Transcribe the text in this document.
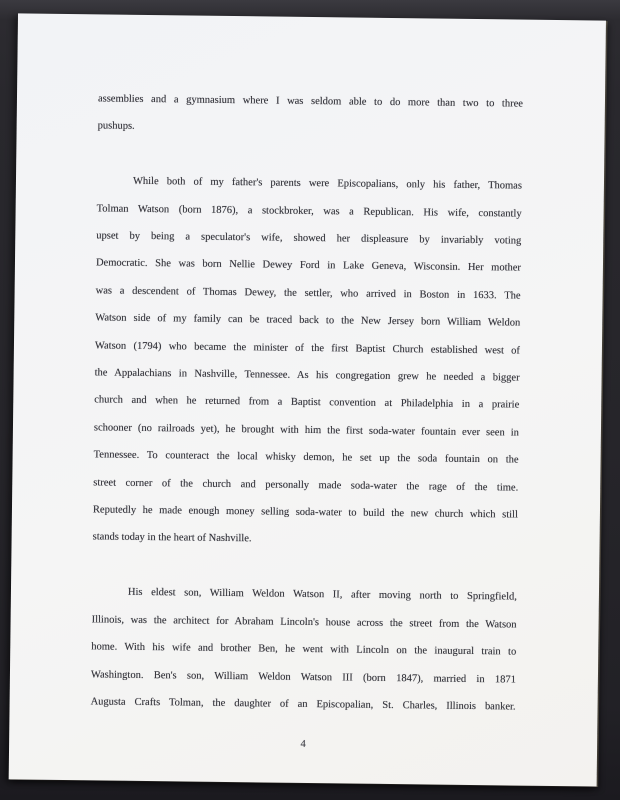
assemblies and a gymnasium where I was seldom able to do more than two to three
pushups.
While both of my father's parents were Episcopalians, only his father, Thomas
Tolman Watson (born 1876), a stockbroker, was a Republican. His wife, constantly
upset by being a speculator's wife, showed her displeasure by invariably voting
Democratic. She was born Nellie Dewey Ford in Lake Geneva, Wisconsin. Her mother
was a descendent of Thomas Dewey, the settler, who arrived in Boston in 1633. The
Watson side of my family can be traced back to the New Jersey born William Weldon
Watson (1794) who became the minister of the first Baptist Church established west of
the Appalachians in Nashville, Tennessee. As his congregation grew he needed a bigger
church and when he returned from a Baptist convention at Philadelphia in a prairie
schooner (no railroads yet), he brought with him the first soda-water fountain ever seen in
Tennessee. To counteract the local whisky demon, he set up the soda fountain on the
street corner of the church and personally made soda-water the rage of the time.
Reputedly he made enough money selling soda-water to build the new church which still
stands today in the heart of Nashville.
His eldest son, William Weldon Watson II, after moving north to Springfield,
Illinois, was the architect for Abraham Lincoln's house across the street from the Watson
home. With his wife and brother Ben, he went with Lincoln on the inaugural train to
Washington. Ben's son, William Weldon Watson III (born 1847), married in 1871
Augusta Crafts Tolman, the daughter of an Episcopalian, St. Charles, Illinois banker.
4
